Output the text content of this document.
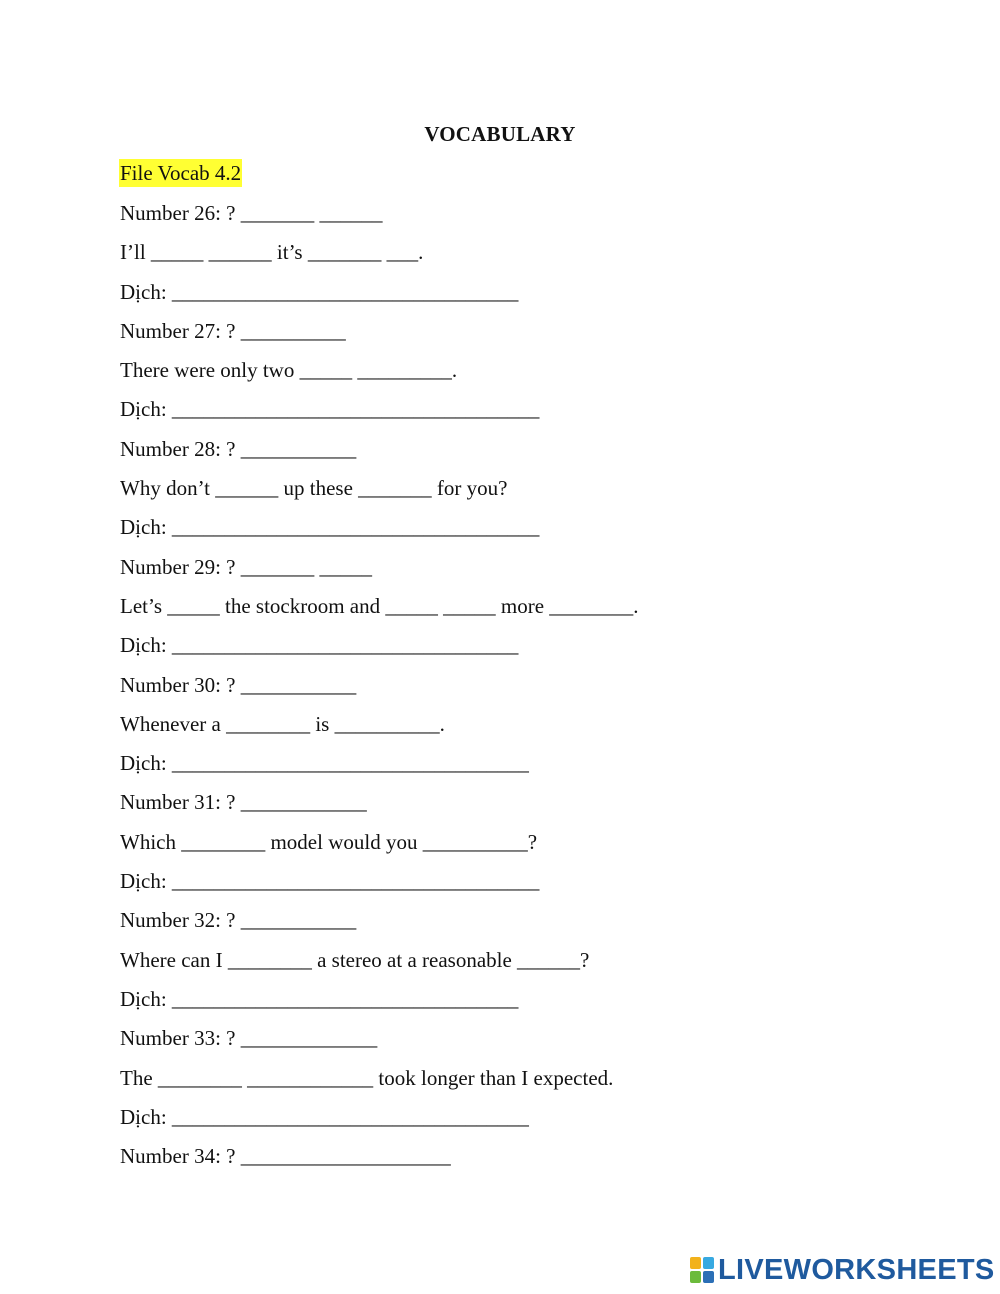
VOCABULARY
File Vocab 4.2
Number 26: ? _______ ______
I’ll _____ ______ it’s _______ ___.
Dịch: _________________________________
Number 27: ? __________
There were only two _____ _________.
Dịch: ___________________________________
Number 28: ? ___________
Why don’t ______ up these _______ for you?
Dịch: ___________________________________
Number 29: ? _______ _____
Let’s _____ the stockroom and _____ _____ more ________.
Dịch: _________________________________
Number 30: ? ___________
Whenever a ________ is __________.
Dịch: __________________________________
Number 31: ? ____________
Which ________ model would you __________?
Dịch: ___________________________________
Number 32: ? ___________
Where can I ________ a stereo at a reasonable ______?
Dịch: _________________________________
Number 33: ? _____________
The ________ ____________ took longer than I expected.
Dịch: __________________________________
Number 34: ? ____________________
LIVEWORKSHEETS
